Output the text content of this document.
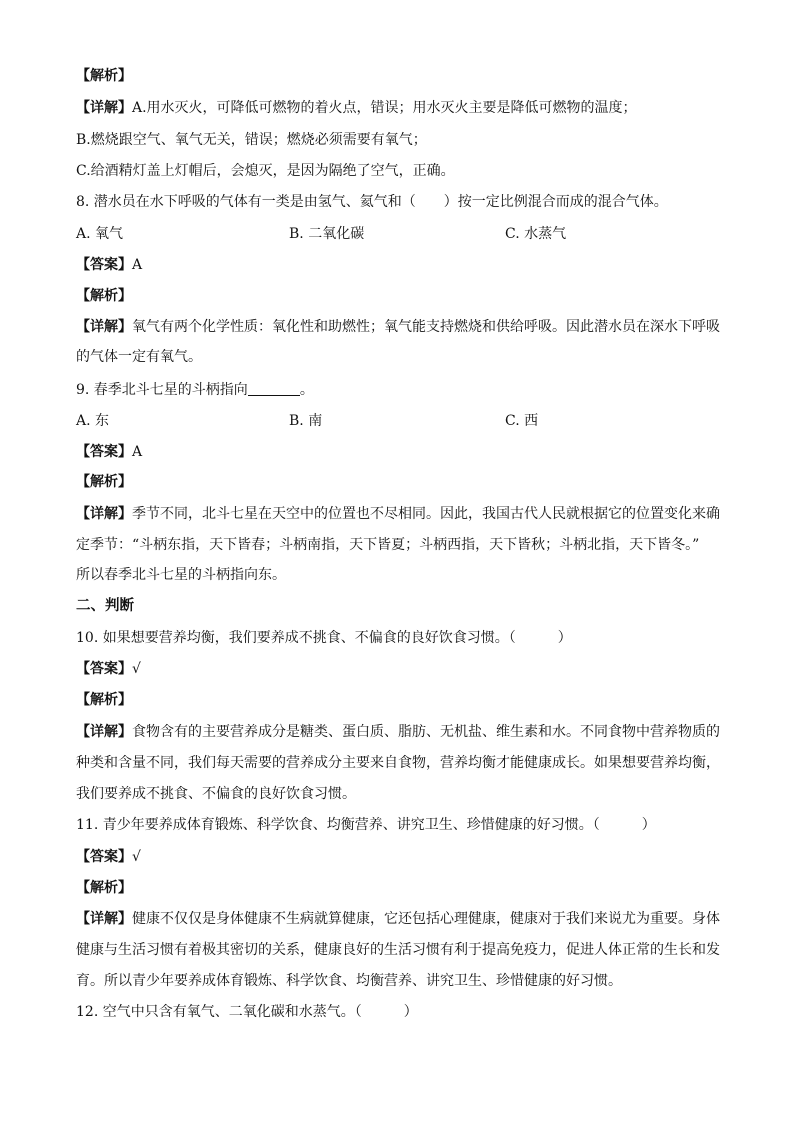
【解析】
【详解】A.用水灭火，可降低可燃物的着火点，错误；用水灭火主要是降低可燃物的温度；
B.燃烧跟空气、氧气无关，错误；燃烧必须需要有氧气；
C.给酒精灯盖上灯帽后，会熄灭，是因为隔绝了空气，正确。
8. 潜水员在水下呼吸的气体有一类是由氢气、氦气和（　　）按一定比例混合而成的混合气体。
A. 氧气	B. 二氧化碳	C. 水蒸气
【答案】A
【解析】
【详解】氧气有两个化学性质：氧化性和助燃性；氧气能支持燃烧和供给呼吸。因此潜水员在深水下呼吸
的气体一定有氧气。
9. 春季北斗七星的斗柄指向	。
A. 东	B. 南	C. 西
【答案】A
【解析】
【详解】季节不同，北斗七星在天空中的位置也不尽相同。因此，我国古代人民就根据它的位置变化来确
定季节：“斗柄东指，天下皆春；斗柄南指，天下皆夏；斗柄西指，天下皆秋；斗柄北指，天下皆冬。”
所以春季北斗七星的斗柄指向东。
二、判断
10. 如果想要营养均衡，我们要养成不挑食、不偏食的良好饮食习惯。（　　　）
【答案】√
【解析】
【详解】食物含有的主要营养成分是糖类、蛋白质、脂肪、无机盐、维生素和水。不同食物中营养物质的
种类和含量不同，我们每天需要的营养成分主要来自食物，营养均衡才能健康成长。如果想要营养均衡，
我们要养成不挑食、不偏食的良好饮食习惯。
11. 青少年要养成体育锻炼、科学饮食、均衡营养、讲究卫生、珍惜健康的好习惯。（　　　）
【答案】√
【解析】
【详解】健康不仅仅是身体健康不生病就算健康，它还包括心理健康，健康对于我们来说尤为重要。身体
健康与生活习惯有着极其密切的关系，健康良好的生活习惯有利于提高免疫力，促进人体正常的生长和发
育。所以青少年要养成体育锻炼、科学饮食、均衡营养、讲究卫生、珍惜健康的好习惯。
12. 空气中只含有氧气、二氧化碳和水蒸气。（　　　）
